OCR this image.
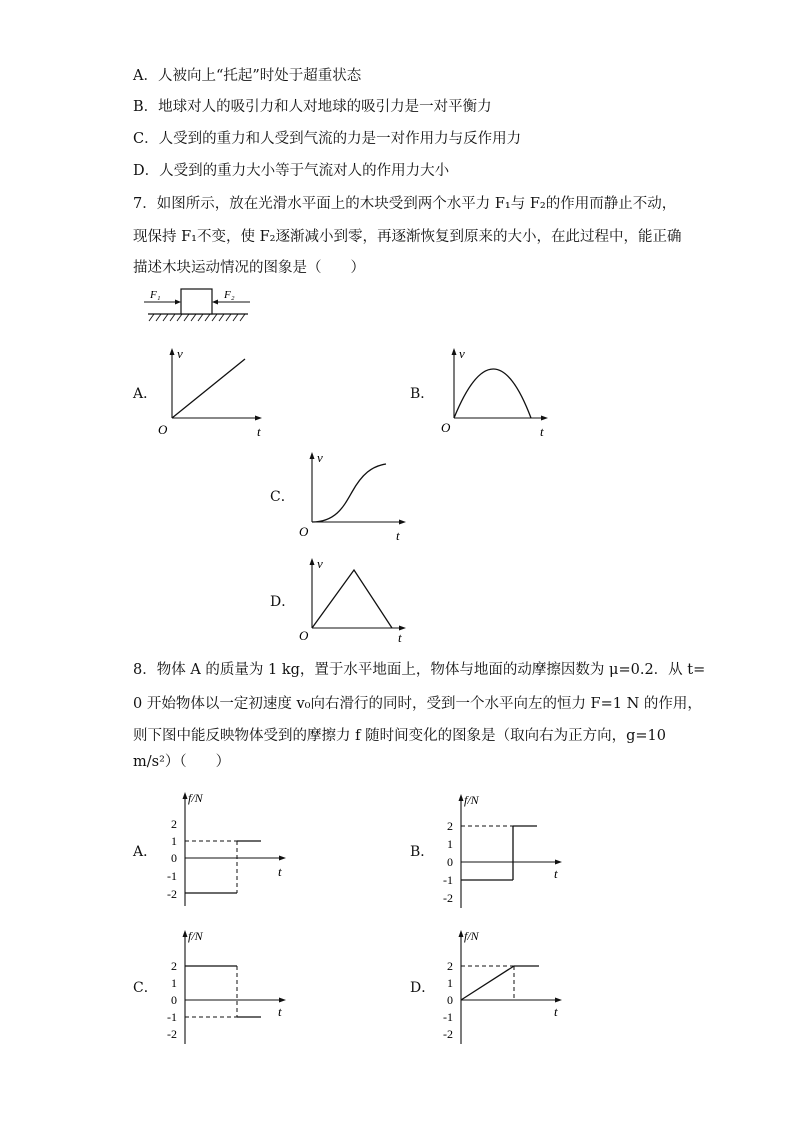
A．人被向上“托起”时处于超重状态
B．地球对人的吸引力和人对地球的吸引力是一对平衡力
C．人受到的重力和人受到气流的力是一对作用力与反作用力
D．人受到的重力大小等于气流对人的作用力大小
7．如图所示，放在光滑水平面上的木块受到两个水平力 F₁与 F₂的作用而静止不动，
现保持 F₁不变，使 F₂逐渐减小到零，再逐渐恢复到原来的大小，在此过程中，能正确
描述木块运动情况的图象是（　　）
F₁	F₂
A．	B．
C．
D．
v
t
O
v
t
O
v
t
O
v
t
O
8．物体 A 的质量为 1 kg，置于水平地面上，物体与地面的动摩擦因数为 μ=0.2．从 t=
0 开始物体以一定初速度 v₀向右滑行的同时，受到一个水平向左的恒力 F=1 N 的作用，
则下图中能反映物体受到的摩擦力 f 随时间变化的图象是（取向右为正方向，g=10
m/s²）（　　）
A．	B．
C．	D．
f/N
t
2
1
0
-1
-2
f/N
t
2
1
0
-1
-2
f/N
t
2
1
0
-1
-2
f/N
t
2
1
0
-1
-2
